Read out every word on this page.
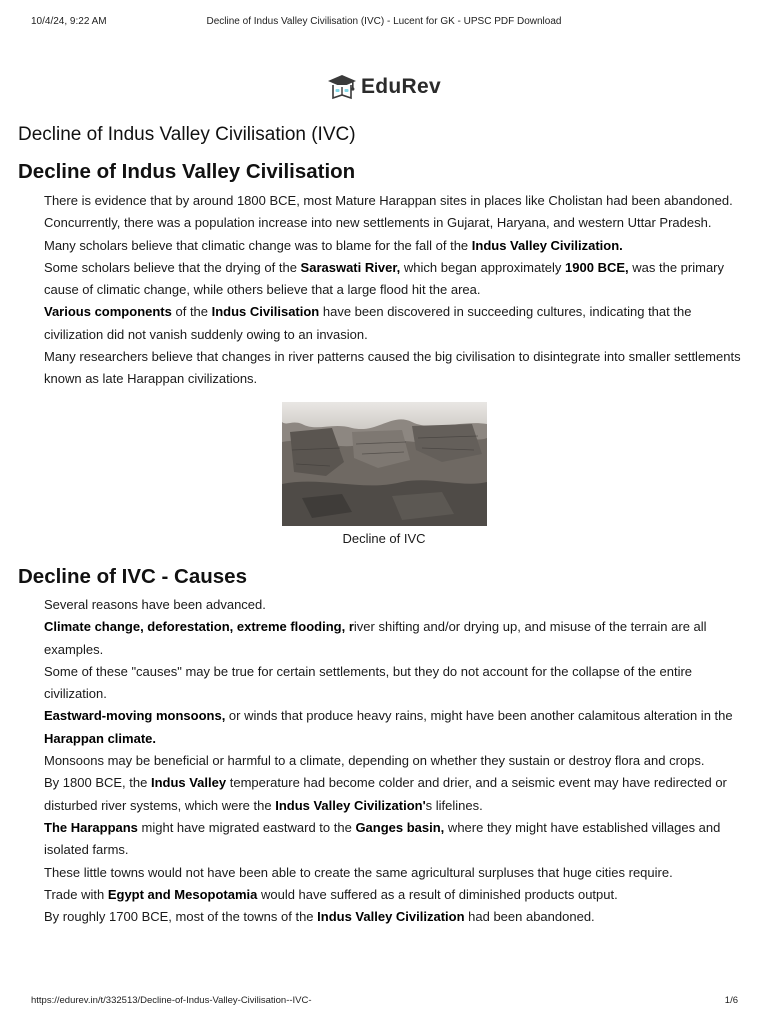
10/4/24, 9:22 AM	Decline of Indus Valley Civilisation (IVC) - Lucent for GK - UPSC PDF Download
EduRev
Decline of Indus Valley Civilisation (IVC)
Decline of Indus Valley Civilisation

There is evidence that by around 1800 BCE, most Mature Harappan sites in places like Cholistan had been abandoned.

Concurrently, there was a population increase into new settlements in Gujarat, Haryana, and western Uttar Pradesh.

Many scholars believe that climatic change was to blame for the fall of the Indus Valley Civilization.

Some scholars believe that the drying of the Saraswati River, which began approximately 1900 BCE, was the primary cause of climatic change, while others believe that a large flood hit the area.

Various components of the Indus Civilisation have been discovered in succeeding cultures, indicating that the civilization did not vanish suddenly owing to an invasion.

Many researchers believe that changes in river patterns caused the big civilisation to disintegrate into smaller settlements known as late Harappan civilizations.

Decline of IVC
Decline of IVC - Causes

Several reasons have been advanced.

Climate change, deforestation, extreme flooding, river shifting and/or drying up, and misuse of the terrain are all examples.

Some of these "causes" may be true for certain settlements, but they do not account for the collapse of the entire civilization.

Eastward-moving monsoons, or winds that produce heavy rains, might have been another calamitous alteration in the Harappan climate.

Monsoons may be beneficial or harmful to a climate, depending on whether they sustain or destroy flora and crops.

By 1800 BCE, the Indus Valley temperature had become colder and drier, and a seismic event may have redirected or disturbed river systems, which were the Indus Valley Civilization's lifelines.

The Harappans might have migrated eastward to the Ganges basin, where they might have established villages and isolated farms.

These little towns would not have been able to create the same agricultural surpluses that huge cities require.

Trade with Egypt and Mesopotamia would have suffered as a result of diminished products output.

By roughly 1700 BCE, most of the towns of the Indus Valley Civilization had been abandoned.

https://edurev.in/t/332513/Decline-of-Indus-Valley-Civilisation--IVC-	1/6
